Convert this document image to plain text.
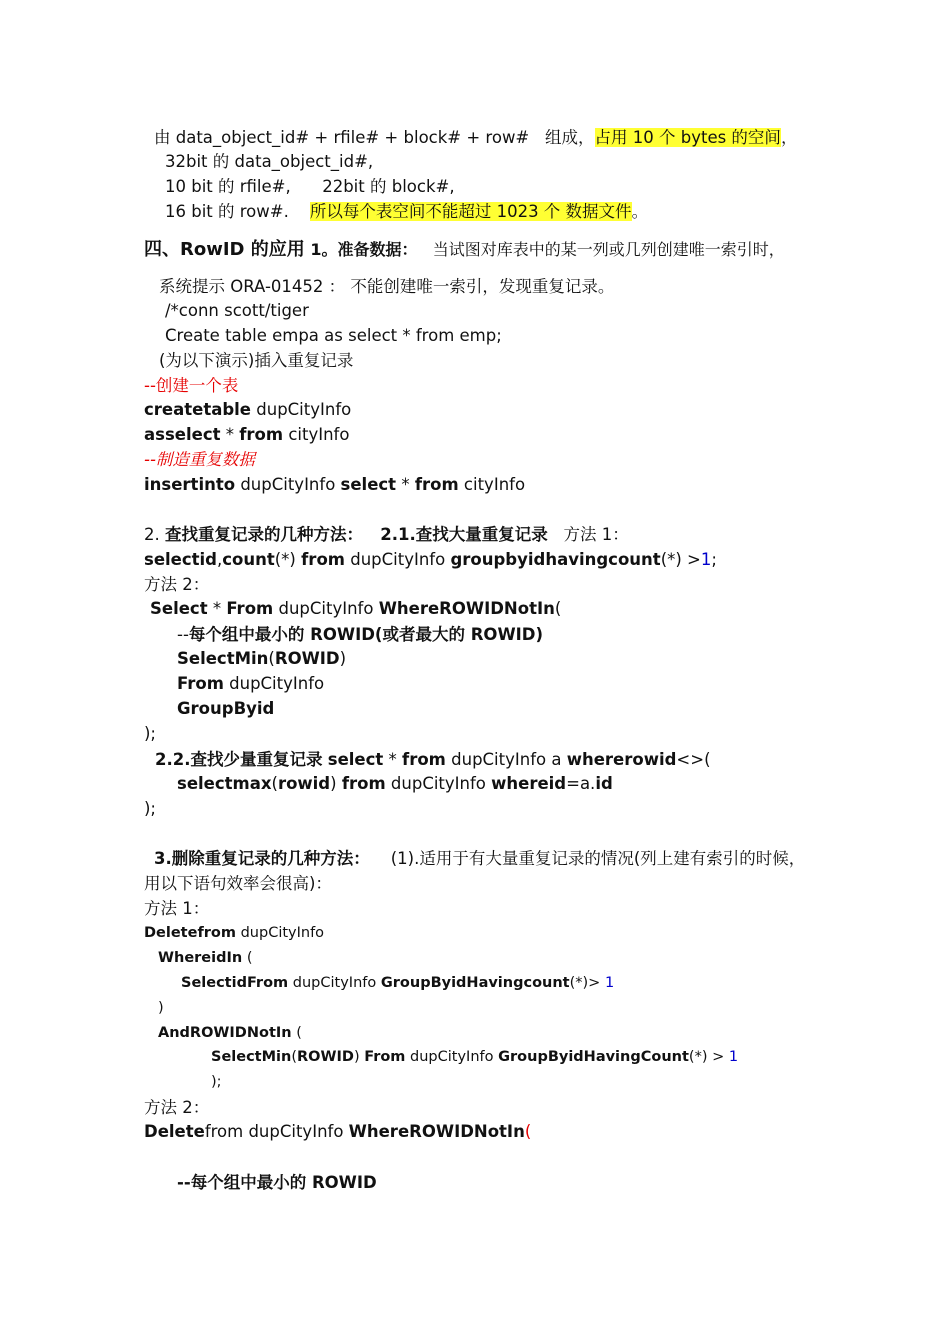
由 data_object_id# + rfile# + block# + row#   组成，占用 10 个 bytes 的空间，
32bit 的 data_object_id#,
10 bit 的 rfile#,      22bit 的 block#,
16 bit 的 row#.    所以每个表空间不能超过 1023 个 数据文件。
四、RowID 的应用 1。准备数据：   当试图对库表中的某一列或几列创建唯一索引时，
系统提示 ORA-01452 ： 不能创建唯一索引，发现重复记录。
/*conn scott/tiger
Create table empa as select * from emp;
(为以下演示)插入重复记录
--创建一个表
createtable dupCityInfo
asselect * from cityInfo
--制造重复数据
insertinto dupCityInfo select * from cityInfo
2. 查找重复记录的几种方法：   2.1.查找大量重复记录   方法 1：
selectid,count(*) from dupCityInfo groupbyidhavingcount(*) >1;
方法 2：
Select * From dupCityInfo WhereROWIDNotIn(
--每个组中最小的 ROWID(或者最大的 ROWID)
SelectMin(ROWID)
From dupCityInfo
GroupByid
);
2.2.查找少量重复记录 select * from dupCityInfo a whererowid<>(
selectmax(rowid) from dupCityInfo whereid=a.id
);
3.删除重复记录的几种方法：    (1).适用于有大量重复记录的情况(列上建有索引的时候，
用以下语句效率会很高)：
方法 1：
Deletefrom dupCityInfo
WhereidIn (
SelectidFrom dupCityInfo GroupByidHavingcount(*)> 1
)
AndROWIDNotIn (
SelectMin(ROWID) From dupCityInfo GroupByidHavingCount(*) > 1
);
方法 2：
Deletefrom dupCityInfo WhereROWIDNotIn(
--每个组中最小的 ROWID
